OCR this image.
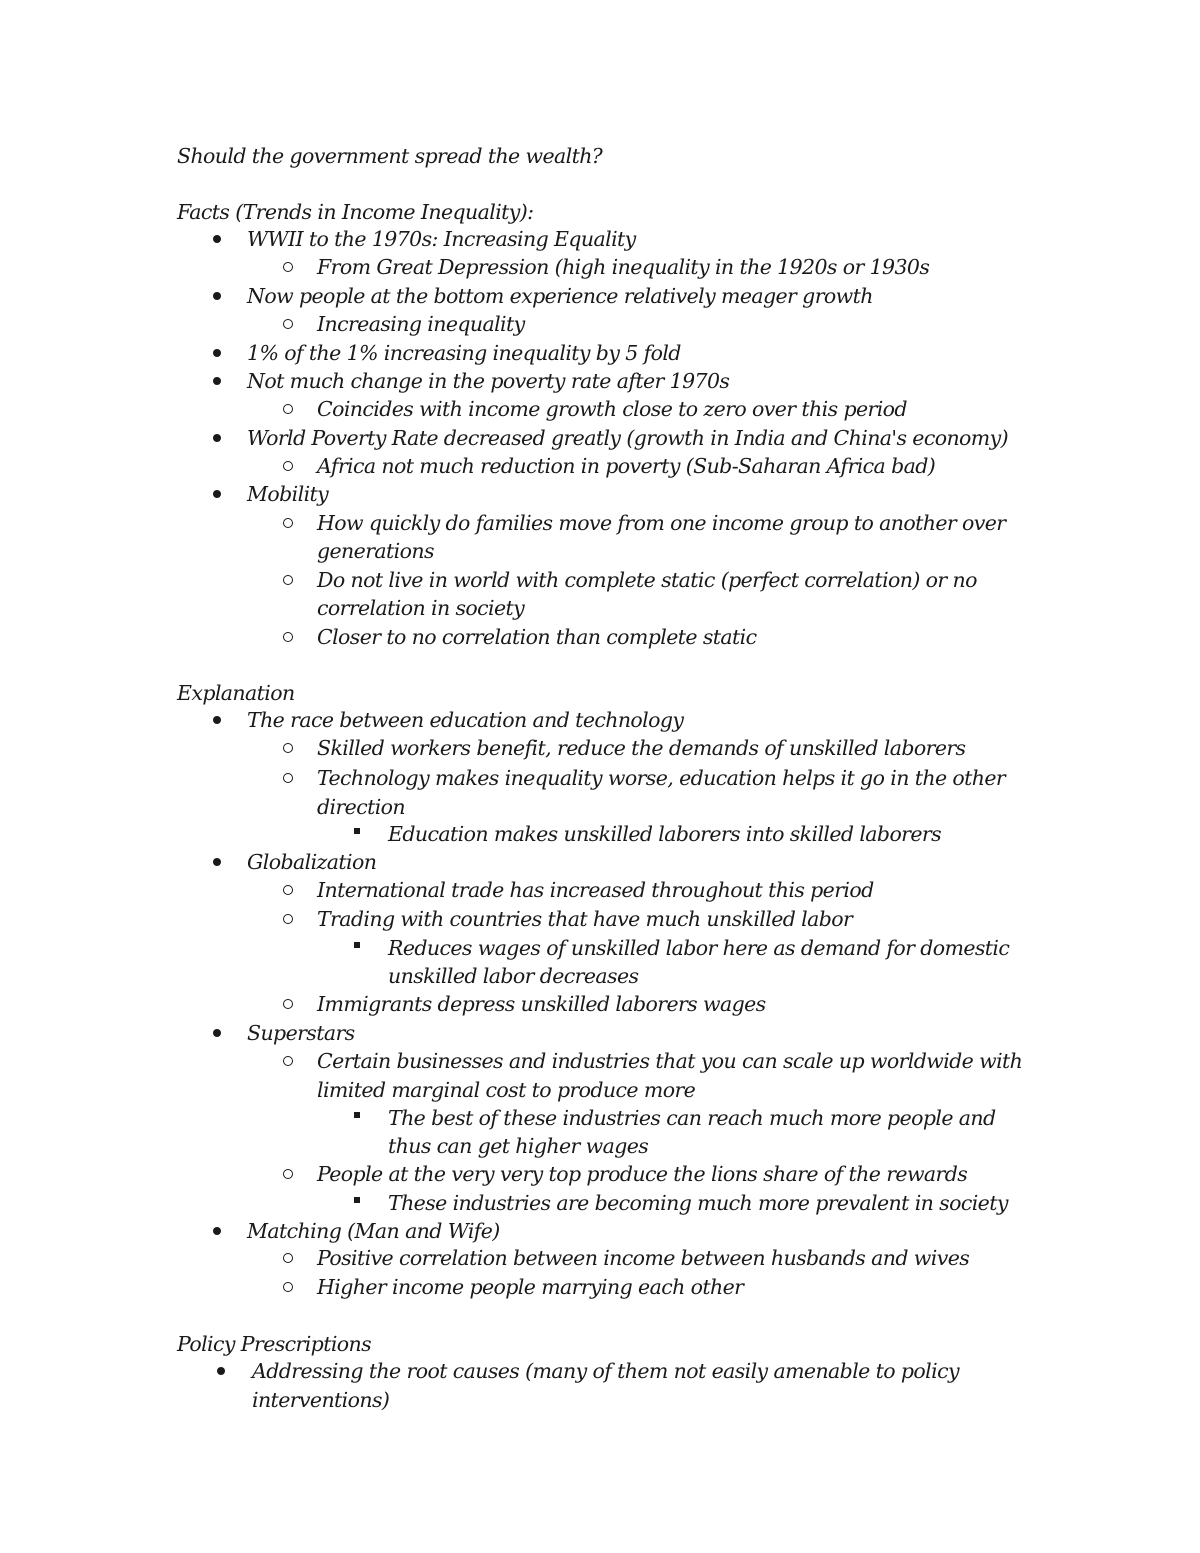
Should the government spread the wealth?
Facts (Trends in Income Inequality):
WWII to the 1970s: Increasing Equality
From Great Depression (high inequality in the 1920s or 1930s
Now people at the bottom experience relatively meager growth
Increasing inequality
1% of the 1% increasing inequality by 5 fold
Not much change in the poverty rate after 1970s
Coincides with income growth close to zero over this period
World Poverty Rate decreased greatly (growth in India and China's economy)
Africa not much reduction in poverty (Sub-Saharan Africa bad)
Mobility
How quickly do families move from one income group to another over
generations
Do not live in world with complete static (perfect correlation) or no
correlation in society
Closer to no correlation than complete static
Explanation
The race between education and technology
Skilled workers benefit, reduce the demands of unskilled laborers
Technology makes inequality worse, education helps it go in the other
direction
Education makes unskilled laborers into skilled laborers
Globalization
International trade has increased throughout this period
Trading with countries that have much unskilled labor
Reduces wages of unskilled labor here as demand for domestic
unskilled labor decreases
Immigrants depress unskilled laborers wages
Superstars
Certain businesses and industries that you can scale up worldwide with
limited marginal cost to produce more
The best of these industries can reach much more people and
thus can get higher wages
People at the very very top produce the lions share of the rewards
These industries are becoming much more prevalent in society
Matching (Man and Wife)
Positive correlation between income between husbands and wives
Higher income people marrying each other
Policy Prescriptions
Addressing the root causes (many of them not easily amenable to policy
interventions)
